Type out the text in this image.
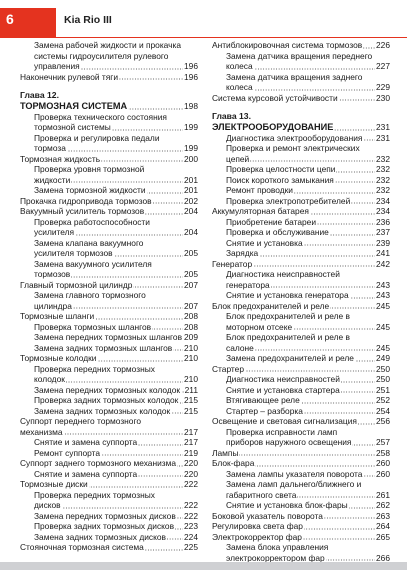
6	Kia Rio III
Замена рабочей жидкости и прокачка системы гидроусилителя рулевого управления	196
Наконечник рулевой тяги	196
Глава 12.
ТОРМОЗНАЯ СИСТЕМА	198
Проверка технического состояния тормозной системы	199
Проверка и регулировка педали тормоза	199
Тормозная жидкость	200
Проверка уровня тормозной жидкости	201
Замена тормозной жидкости	201
Прокачка гидропривода тормозов	202
Вакуумный усилитель тормозов	204
Проверка работоспособности усилителя	204
Замена клапана вакуумного усилителя тормозов	205
Замена вакуумного усилителя тормозов	205
Главный тормозной цилиндр	207
Замена главного тормозного цилиндра	207
Тормозные шланги	208
Проверка тормозных шлангов	208
Замена передних тормозных шлангов 209
Замена задних тормозных шлангов	210
Тормозные колодки	210
Проверка передних тормозных колодок	210
Замена передних тормозных колодок 211
Проверка задних тормозных колодок 215
Замена задних тормозных колодок	215
Суппорт переднего тормозного механизма	217
Снятие и замена суппорта	217
Ремонт суппорта	219
Суппорт заднего тормозного механизма 220
Снятие и замена суппорта	220
Тормозные диски	222
Проверка передних тормозных дисков	222
Замена передних тормозных дисков 222
Проверка задних тормозных дисков	223
Замена задних тормозных дисков	224
Стояночная тормозная система	225
Антиблокировочная система тормозов	226
Замена датчика вращения переднего колеса	227
Замена датчика вращения заднего колеса	229
Система курсовой устойчивости	230
Глава 13.
ЭЛЕКТРООБОРУДОВАНИЕ	231
Диагностика электрооборудования	231
Проверка и ремонт электрических цепей	232
Проверка целостности цепи	232
Поиск короткого замыкания	232
Ремонт проводки	232
Проверка электропотребителей	234
Аккумуляторная батарея	234
Приобретение батареи	236
Проверка и обслуживание	237
Снятие и установка	239
Зарядка	241
Генератор	242
Диагностика неисправностей генератора	243
Снятие и установка генератора	243
Блок предохранителей и реле	245
Блок предохранителей и реле в моторном отсеке	245
Блок предохранителей и реле в салоне	245
Замена предохранителей и реле	249
Стартер	250
Диагностика неисправностей	250
Снятие и установка стартера	251
Втягивающее реле	252
Стартер – разборка	254
Освещение и световая сигнализация	256
Проверка исправности ламп приборов наружного освещения	257
Лампы	258
Блок-фара	260
Замена лампы указателя поворота	260
Замена ламп дальнего/ближнего и габаритного света	261
Снятие и установка блок-фары	262
Боковой указатель поворота	263
Регулировка света фар	264
Электрокорректор фар	265
Замена блока управления электрокорректором фар	266
